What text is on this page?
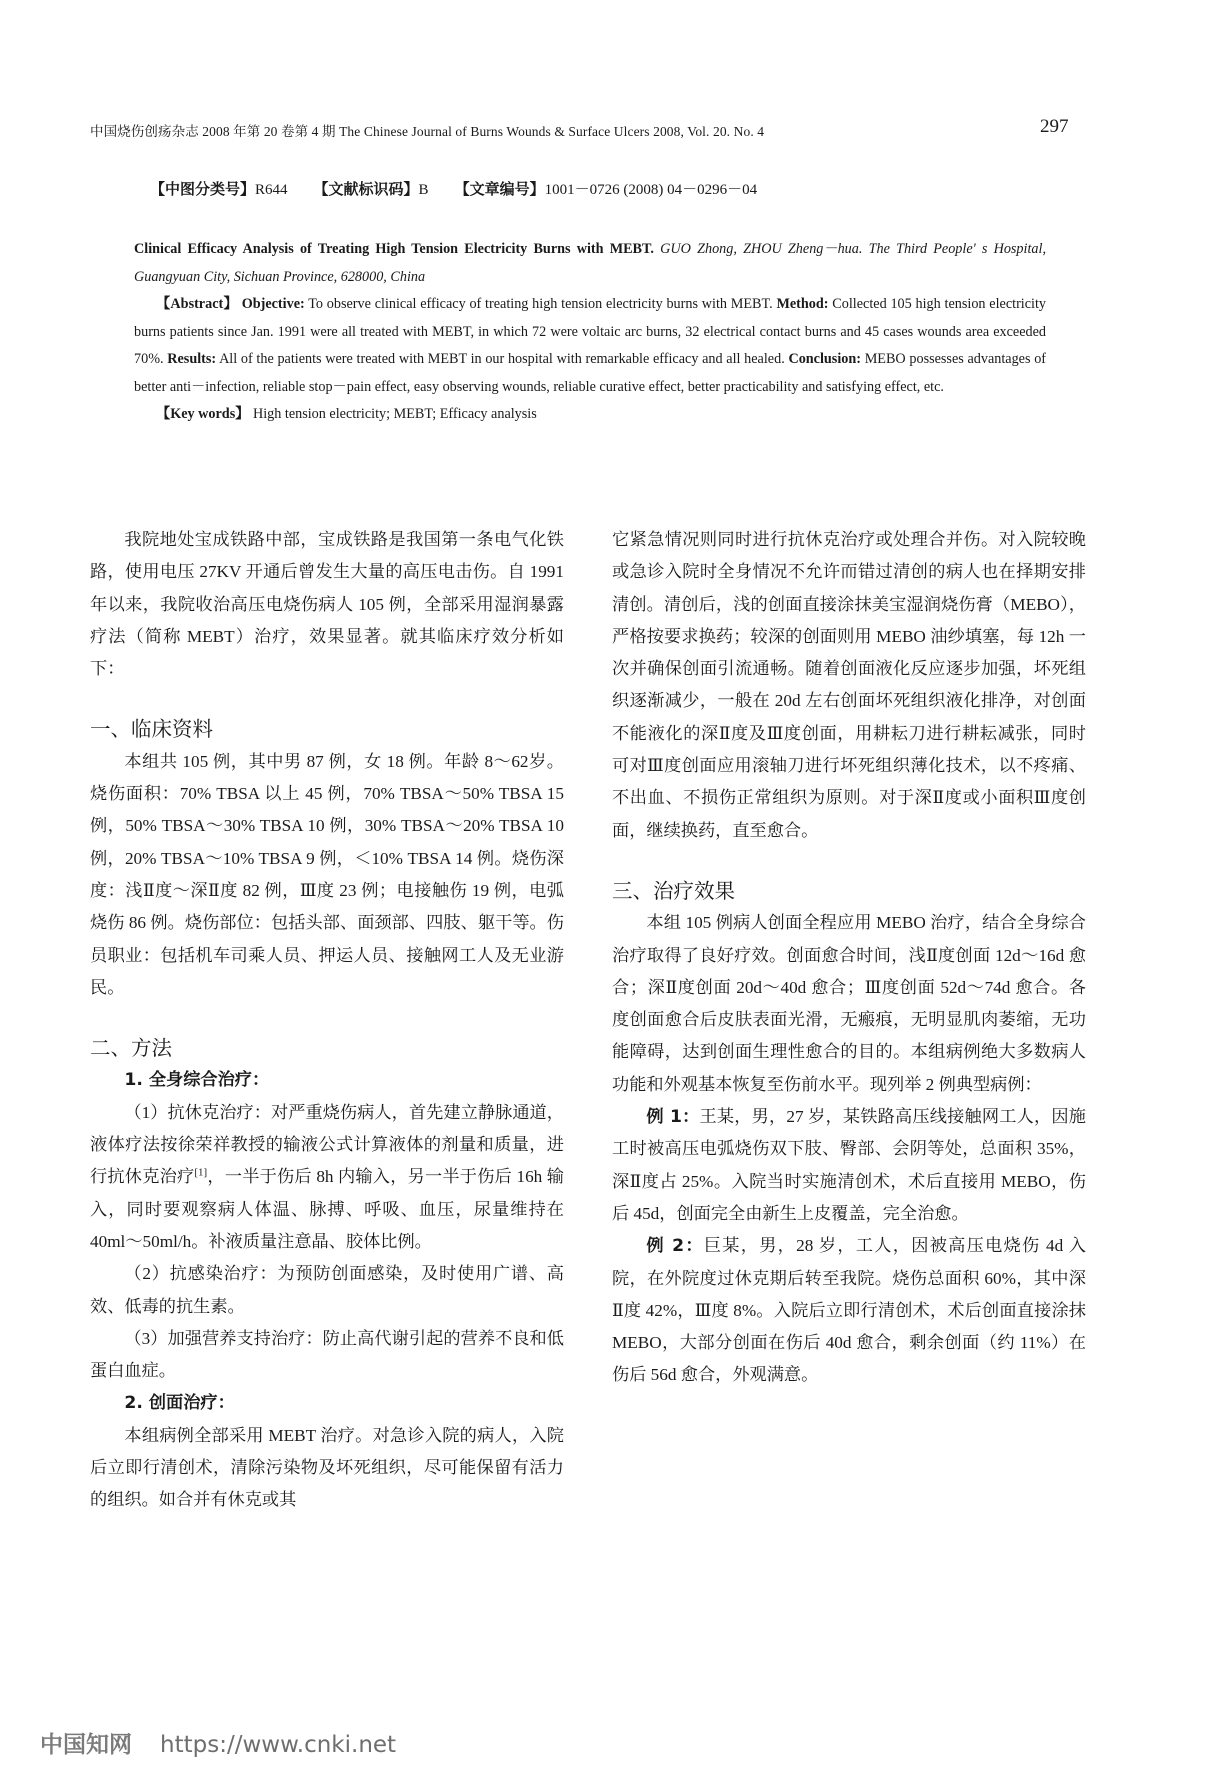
中国烧伤创疡杂志 2008 年第 20 卷第 4 期 The Chinese Journal of Burns Wounds & Surface Ulcers 2008, Vol. 20. No. 4	297
【中图分类号】R644 【文献标识码】B 【文章编号】1001－0726 (2008) 04－0296－04

Clinical Efficacy Analysis of Treating High Tension Electricity Burns with MEBT. GUO Zhong, ZHOU Zheng－hua. The Third People' s Hospital, Guangyuan City, Sichuan Province, 628000, China

【Abstract】 Objective: To observe clinical efficacy of treating high tension electricity burns with MEBT. Method: Collected 105 high tension electricity burns patients since Jan. 1991 were all treated with MEBT, in which 72 were voltaic arc burns, 32 electrical contact burns and 45 cases wounds area exceeded 70%. Results: All of the patients were treated with MEBT in our hospital with remarkable efficacy and all healed. Conclusion: MEBO possesses advantages of better anti－infection, reliable stop－pain effect, easy observing wounds, reliable curative effect, better practicability and satisfying effect, etc.

【Key words】 High tension electricity; MEBT; Efficacy analysis

我院地处宝成铁路中部，宝成铁路是我国第一条电气化铁路，使用电压 27KV 开通后曾发生大量的高压电击伤。自 1991 年以来，我院收治高压电烧伤病人 105 例，全部采用湿润暴露疗法（简称 MEBT）治疗，效果显著。就其临床疗效分析如下：

一、临床资料

本组共 105 例，其中男 87 例，女 18 例。年龄 8～62岁。烧伤面积：70% TBSA 以上 45 例，70% TBSA～50% TBSA 15 例，50% TBSA～30% TBSA 10 例，30% TBSA～20% TBSA 10 例，20% TBSA～10% TBSA 9 例，＜10% TBSA 14 例。烧伤深度：浅Ⅱ度～深Ⅱ度 82 例，Ⅲ度 23 例；电接触伤 19 例，电弧烧伤 86 例。烧伤部位：包括头部、面颈部、四肢、躯干等。伤员职业：包括机车司乘人员、押运人员、接触网工人及无业游民。

二、方法

1. 全身综合治疗：

（1）抗休克治疗：对严重烧伤病人，首先建立静脉通道，液体疗法按徐荣祥教授的输液公式计算液体的剂量和质量，进行抗休克治疗[1]，一半于伤后 8h 内输入，另一半于伤后 16h 输入，同时要观察病人体温、脉搏、呼吸、血压，尿量维持在 40ml～50ml/h。补液质量注意晶、胶体比例。

（2）抗感染治疗：为预防创面感染，及时使用广谱、高效、低毒的抗生素。

（3）加强营养支持治疗：防止高代谢引起的营养不良和低蛋白血症。

2. 创面治疗：

本组病例全部采用 MEBT 治疗。对急诊入院的病人，入院后立即行清创术，清除污染物及坏死组织，尽可能保留有活力的组织。如合并有休克或其

它紧急情况则同时进行抗休克治疗或处理合并伤。对入院较晚或急诊入院时全身情况不允许而错过清创的病人也在择期安排清创。清创后，浅的创面直接涂抹美宝湿润烧伤膏（MEBO），严格按要求换药；较深的创面则用 MEBO 油纱填塞，每 12h 一次并确保创面引流通畅。随着创面液化反应逐步加强，坏死组织逐渐减少，一般在 20d 左右创面坏死组织液化排净，对创面不能液化的深Ⅱ度及Ⅲ度创面，用耕耘刀进行耕耘减张，同时可对Ⅲ度创面应用滚轴刀进行坏死组织薄化技术，以不疼痛、不出血、不损伤正常组织为原则。对于深Ⅱ度或小面积Ⅲ度创面，继续换药，直至愈合。

三、治疗效果

本组 105 例病人创面全程应用 MEBO 治疗，结合全身综合治疗取得了良好疗效。创面愈合时间，浅Ⅱ度创面 12d～16d 愈合；深Ⅱ度创面 20d～40d 愈合；Ⅲ度创面 52d～74d 愈合。各度创面愈合后皮肤表面光滑，无瘢痕，无明显肌肉萎缩，无功能障碍，达到创面生理性愈合的目的。本组病例绝大多数病人功能和外观基本恢复至伤前水平。现列举 2 例典型病例：

例 1：王某，男，27 岁，某铁路高压线接触网工人，因施工时被高压电弧烧伤双下肢、臀部、会阴等处，总面积 35%，深Ⅱ度占 25%。入院当时实施清创术，术后直接用 MEBO，伤后 45d，创面完全由新生上皮覆盖，完全治愈。

例 2：巨某，男，28 岁，工人，因被高压电烧伤 4d 入院，在外院度过休克期后转至我院。烧伤总面积 60%，其中深Ⅱ度 42%，Ⅲ度 8%。入院后立即行清创术，术后创面直接涂抹 MEBO，大部分创面在伤后 40d 愈合，剩余创面（约 11%）在伤后 56d 愈合，外观满意。

中国知网 https://www.cnki.net
